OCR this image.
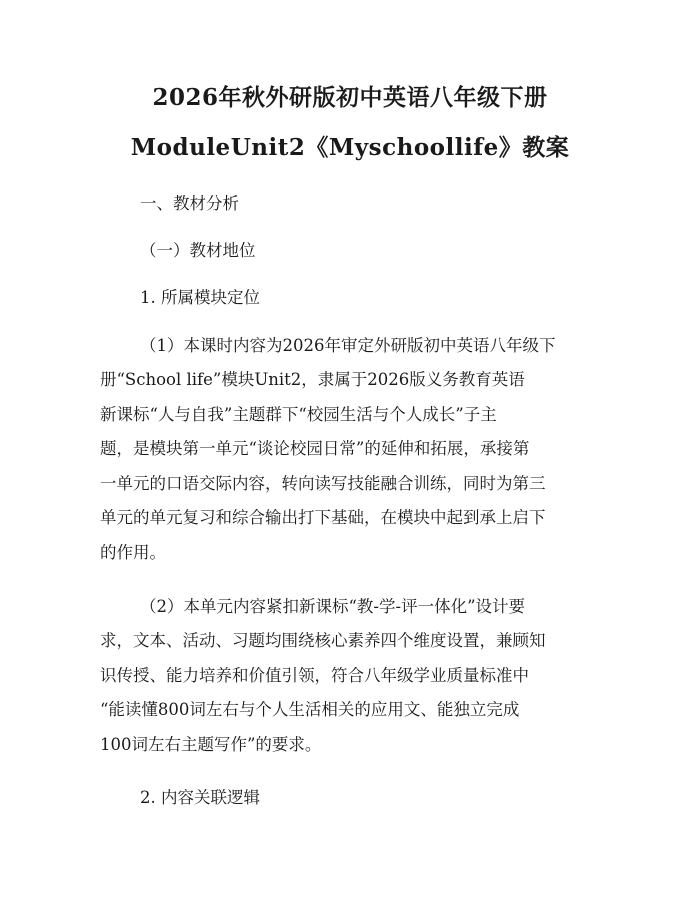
2026年秋外研版初中英语八年级下册
ModuleUnit2《Myschoollife》教案
一、教材分析
（一）教材地位
1. 所属模块定位
（1）本课时内容为2026年审定外研版初中英语八年级下
册“School life”模块Unit2，隶属于2026版义务教育英语
新课标“人与自我”主题群下“校园生活与个人成长”子主
题，是模块第一单元“谈论校园日常”的延伸和拓展，承接第
一单元的口语交际内容，转向读写技能融合训练，同时为第三
单元的单元复习和综合输出打下基础，在模块中起到承上启下
的作用。
（2）本单元内容紧扣新课标“教-学-评一体化”设计要
求，文本、活动、习题均围绕核心素养四个维度设置，兼顾知
识传授、能力培养和价值引领，符合八年级学业质量标准中
“能读懂800词左右与个人生活相关的应用文、能独立完成
100词左右主题写作”的要求。
2. 内容关联逻辑
